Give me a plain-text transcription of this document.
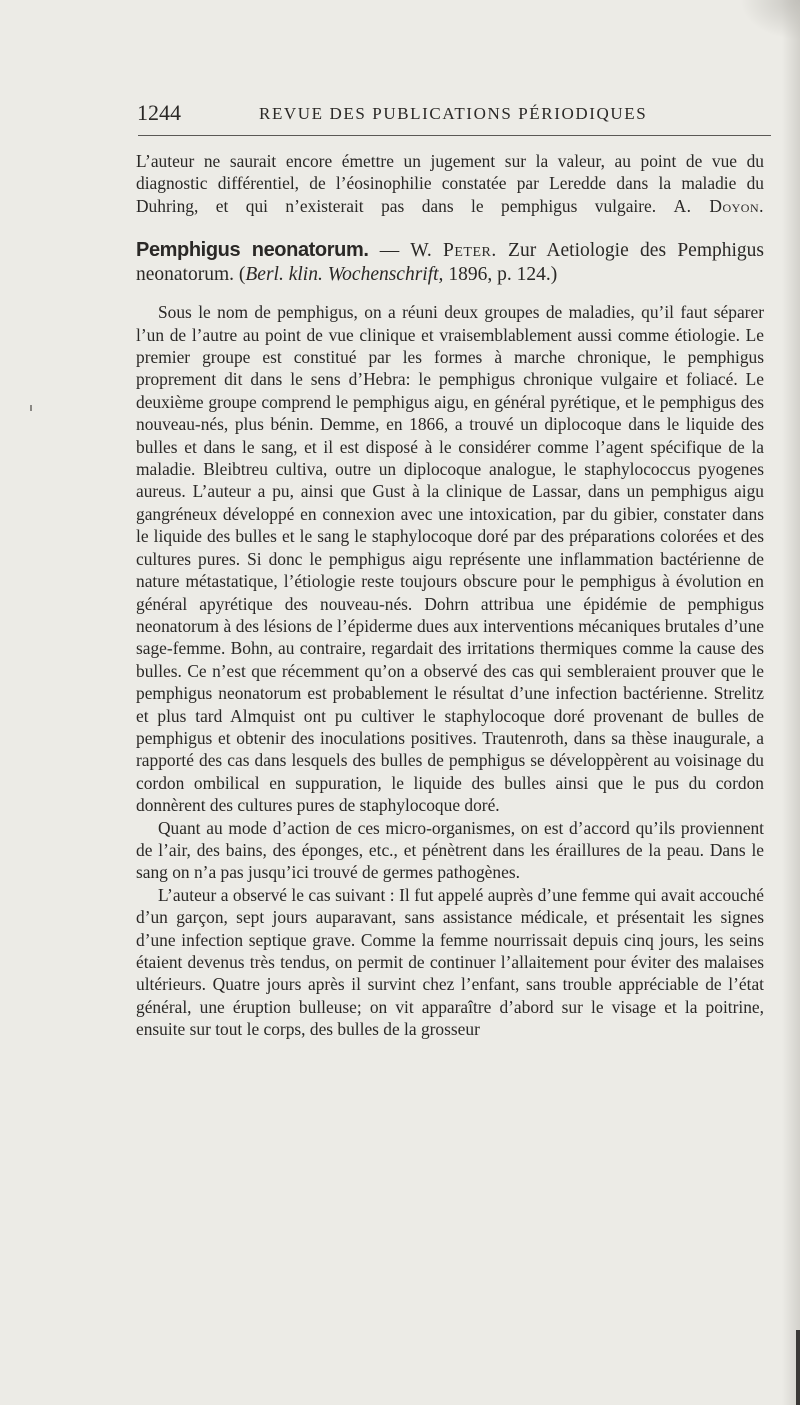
1244	REVUE DES PUBLICATIONS PÉRIODIQUES

L’auteur ne saurait encore émettre un jugement sur la valeur, au point de vue du diagnostic différentiel, de l’éosinophilie constatée par Leredde dans la maladie du Duhring, et qui n’existerait pas dans le pemphigus vulgaire. A. Doyon.

Pemphigus neonatorum. — W. Peter. Zur Aetiologie des Pemphigus neonatorum. (Berl. klin. Wochenschrift, 1896, p. 124.)

Sous le nom de pemphigus, on a réuni deux groupes de maladies, qu’il faut séparer l’un de l’autre au point de vue clinique et vraisemblablement aussi comme étiologie. Le premier groupe est constitué par les formes à marche chronique, le pemphigus proprement dit dans le sens d’Hebra: le pemphigus chronique vulgaire et foliacé. Le deuxième groupe comprend le pemphigus aigu, en général pyrétique, et le pemphigus des nouveau-nés, plus bénin. Demme, en 1866, a trouvé un diplocoque dans le liquide des bulles et dans le sang, et il est disposé à le considérer comme l’agent spécifique de la maladie. Bleibtreu cultiva, outre un diplocoque analogue, le staphylococcus pyogenes aureus. L’auteur a pu, ainsi que Gust à la clinique de Lassar, dans un pemphigus aigu gangréneux développé en connexion avec une intoxication, par du gibier, constater dans le liquide des bulles et le sang le staphylocoque doré par des préparations colorées et des cultures pures. Si donc le pemphigus aigu représente une inflammation bactérienne de nature métastatique, l’étiologie reste toujours obscure pour le pemphigus à évolution en général apyrétique des nouveau-nés. Dohrn attribua une épidémie de pemphigus neonatorum à des lésions de l’épiderme dues aux interventions mécaniques brutales d’une sage-femme. Bohn, au contraire, regardait des irritations thermiques comme la cause des bulles. Ce n’est que récemment qu’on a observé des cas qui sembleraient prouver que le pemphigus neonatorum est probablement le résultat d’une infection bactérienne. Strelitz et plus tard Almquist ont pu cultiver le staphylocoque doré provenant de bulles de pemphigus et obtenir des inoculations positives. Trautenroth, dans sa thèse inaugurale, a rapporté des cas dans lesquels des bulles de pemphigus se développèrent au voisinage du cordon ombilical en suppuration, le liquide des bulles ainsi que le pus du cordon donnèrent des cultures pures de staphylocoque doré.

Quant au mode d’action de ces micro-organismes, on est d’accord qu’ils proviennent de l’air, des bains, des éponges, etc., et pénètrent dans les éraillures de la peau. Dans le sang on n’a pas jusqu’ici trouvé de germes pathogènes.

L’auteur a observé le cas suivant : Il fut appelé auprès d’une femme qui avait accouché d’un garçon, sept jours auparavant, sans assistance médicale, et présentait les signes d’une infection septique grave. Comme la femme nourrissait depuis cinq jours, les seins étaient devenus très tendus, on permit de continuer l’allaitement pour éviter des malaises ultérieurs. Quatre jours après il survint chez l’enfant, sans trouble appréciable de l’état général, une éruption bulleuse; on vit apparaître d’abord sur le visage et la poitrine, ensuite sur tout le corps, des bulles de la grosseur
